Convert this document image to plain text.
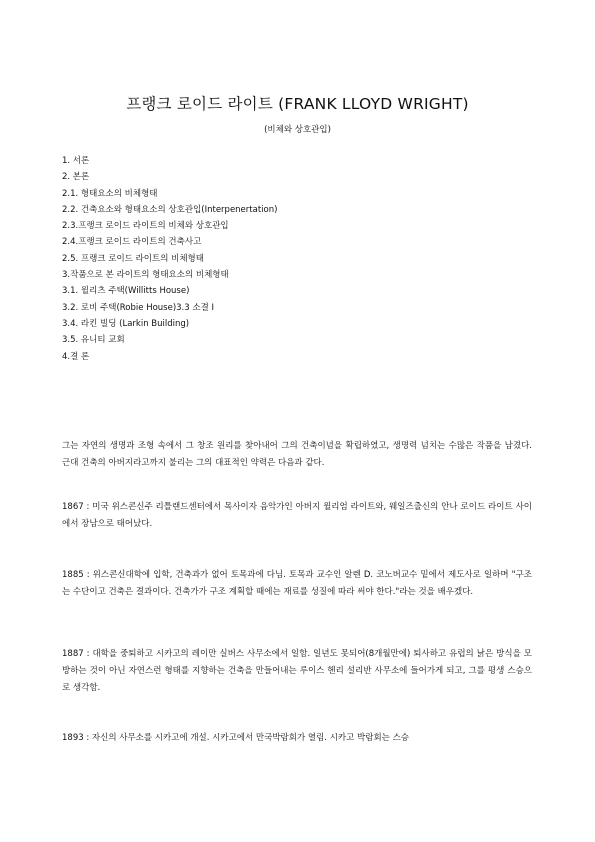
프랭크 로이드 라이트 (FRANK LLOYD WRIGHT)
(비체와 상호관입)
1. 서론
2. 본론
2.1. 형태요소의 비체형태
2.2. 건축요소와 형태요소의 상호관입(Interpenertation)
2.3.프랭크 로이드 라이트의 비체와 상호관입
2.4.프랭크 로이드 라이트의 건축사고
2.5. 프랭크 로이드 라이트의 비체형태
3.작품으로 본 라이트의 형태요소의 비체형태
3.1. 윌리츠 주택(Willitts House)
3.2. 로비 주택(Robie House)3.3 소결 I
3.4. 라킨 빌딩 (Larkin Building)
3.5. 유니티 교회
4.결 론

그는 자연의 생명과 조형 속에서 그 창조 원리를 찾아내어 그의 건축이념을 확립하였고, 생명력 넘치는 수많은 작품을 남겼다. 근대 건축의 아버지라고까지 불리는 그의 대표적인 약력은 다음과 같다.

1867 : 미국 위스콘신주 리틀랜드센터에서 목사이자 음악가인 아버지 윌리엄 라이트와, 웨일즈출신의 안나 로이드 라이트 사이에서 장남으로 태어났다.

1885 : 위스콘신대학에 입학, 건축과가 없어 토목과에 다님. 토목과 교수인 알렌 D. 코노버교수 밑에서 제도사로 일하며 "구조는 수단이고 건축은 결과이다. 건축가가 구조 계획할 때에는 재료를 성질에 따라 써야 한다."라는 것을 배우겠다.

1887 : 대학을 중퇴하고 시카고의 레이만 실버스 사무소에서 일함. 일년도 못되어(8개월만에) 퇴사하고 유럽의 낡은 방식을 모방하는 것이 아닌 자연스런 형태를 지향하는 건축을 만들어내는 루이스 헨리 설리반 사무소에 들어가게 되고, 그를 평생 스승으로 생각함.

1893 : 자신의 사무소를 시카고에 개설. 시카고에서 만국박람회가 열림. 시카고 박람회는 스승
